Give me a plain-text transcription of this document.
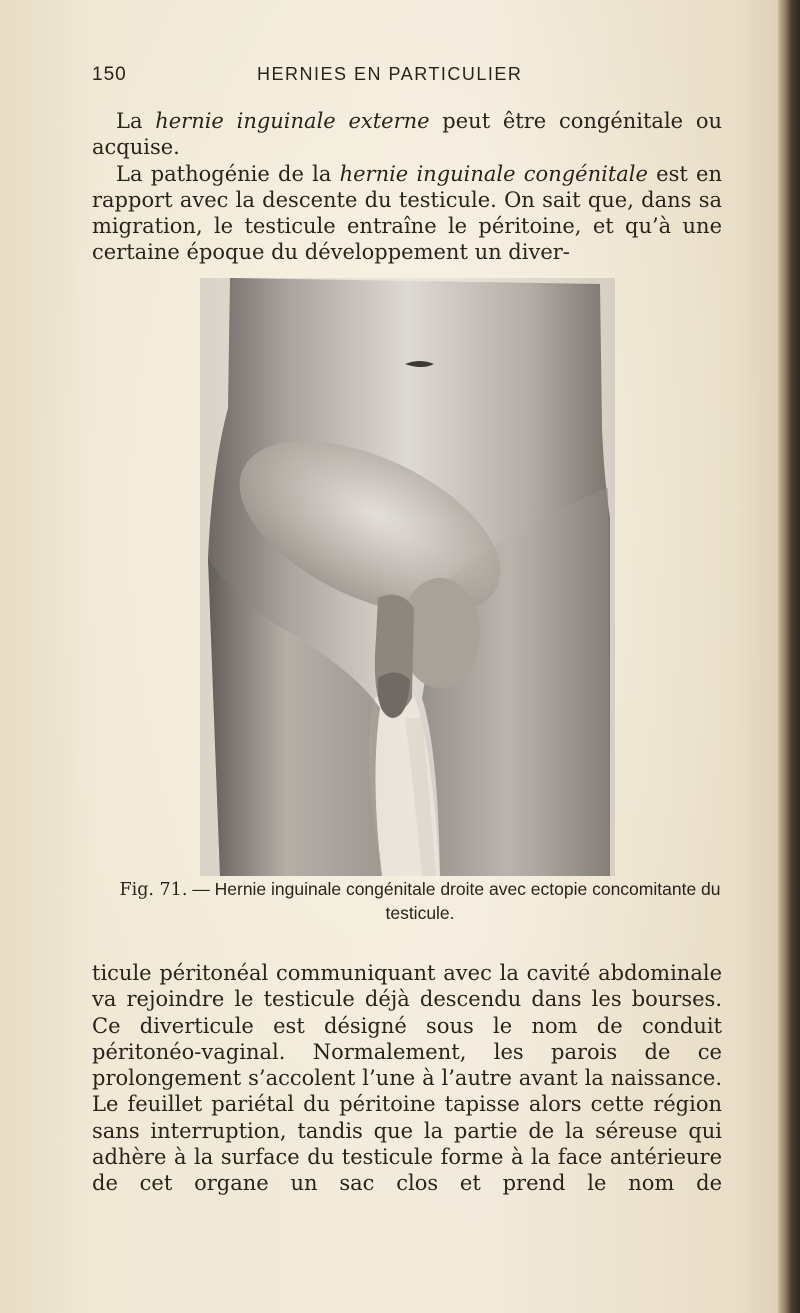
150	HERNIES EN PARTICULIER

La hernie inguinale externe peut être congénitale ou acquise.

La pathogénie de la hernie inguinale congénitale est en rapport avec la descente du testicule. On sait que, dans sa migration, le testicule entraîne le péritoine, et qu’à une certaine époque du développement un diver-

Fig. 71. — Hernie inguinale congénitale droite avec ectopie concomitante du testicule.

ticule péritonéal communiquant avec la cavité abdominale va rejoindre le testicule déjà descendu dans les bourses. Ce diverticule est désigné sous le nom de conduit péritonéo-vaginal. Normalement, les parois de ce prolongement s’accolent l’une à l’autre avant la naissance. Le feuillet pariétal du péritoine tapisse alors cette région sans interruption, tandis que la partie de la séreuse qui adhère à la surface du testicule forme à la face antérieure de cet organe un sac clos et prend le nom de
